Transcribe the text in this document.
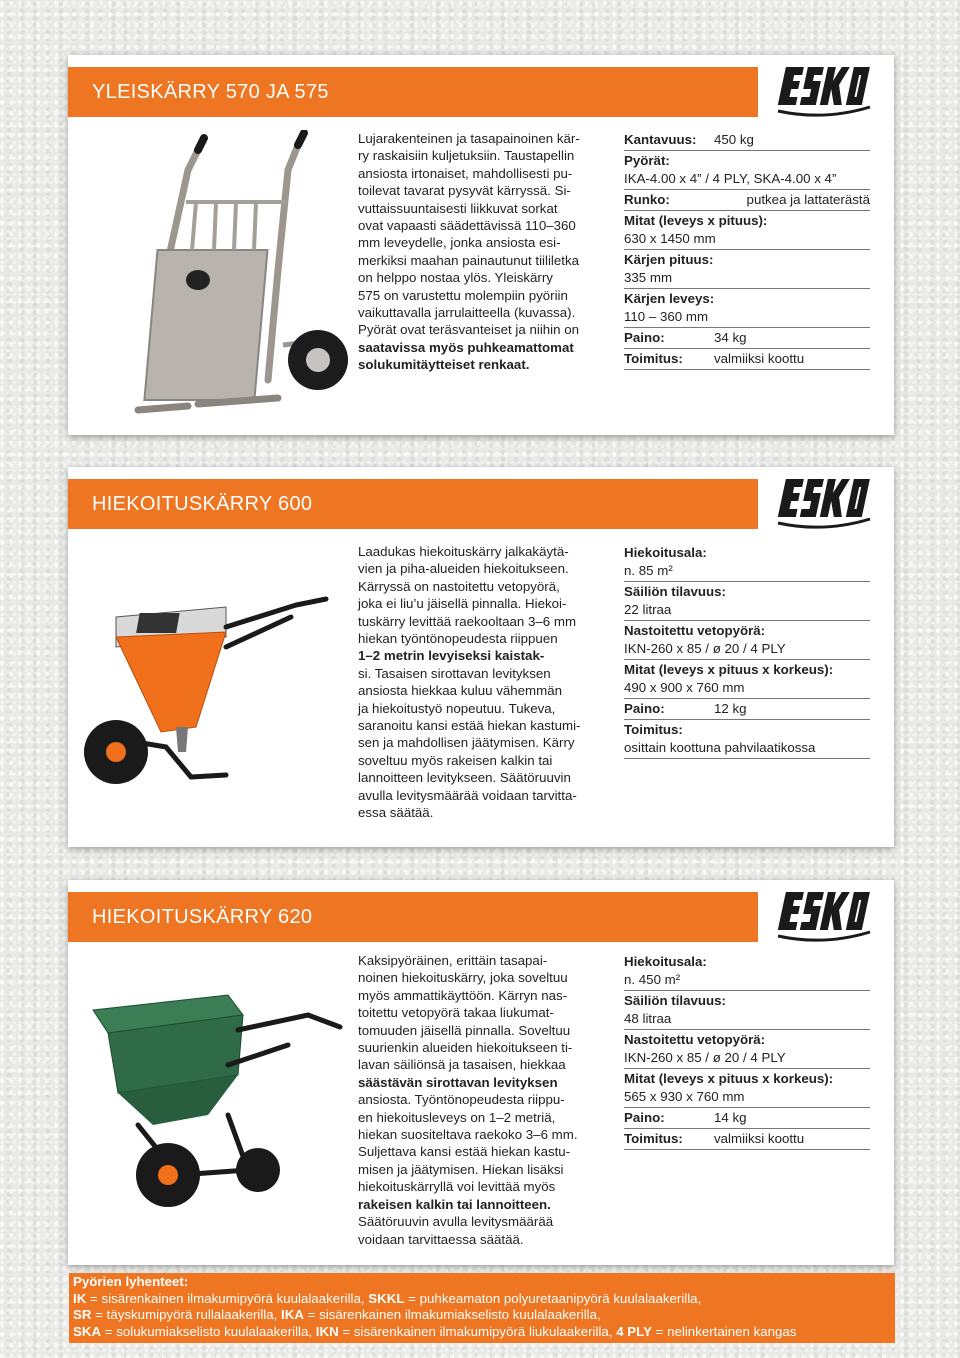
YLEISKÄRRY 570 JA 575
Lujarakenteinen ja tasapainoinen kär-
ry raskaisiin kuljetuksiin. Taustapellin
ansiosta irtonaiset, mahdollisesti pu-
toilevat tavarat pysyvät kärryssä. Si-
vuttaissuuntaisesti liikkuvat sorkat
ovat vapaasti säädettävissä 110–360
mm leveydelle, jonka ansiosta esi-
merkiksi maahan painautunut tiililetka
on helppo nostaa ylös. Yleiskärry
575 on varustettu molempiin pyöriin
vaikuttavalla jarrulaitteella (kuvassa).
Pyörät ovat teräsvanteiset ja niihin on
saatavissa myös puhkeamattomat
solukumitäytteiset renkaat.
Kantavuus: 450 kg
Pyörät:
IKA-4.00 x 4” / 4 PLY, SKA-4.00 x 4”
Runko:	putkea ja lattaterästä
Mitat (leveys x pituus):
630 x 1450 mm
Kärjen pituus:
335 mm
Kärjen leveys:
110 – 360 mm
Paino:	34 kg
Toimitus: valmiiksi koottu
HIEKOITUSKÄRRY 600
Laadukas hiekoituskärry jalkakäytä-
vien ja piha-alueiden hiekoitukseen.
Kärryssä on nastoitettu vetopyörä,
joka ei liu’u jäisellä pinnalla. Hiekoi-
tuskärry levittää raekooltaan 3–6 mm
hiekan työntönopeudesta riippuen
1–2 metrin levyiseksi kaistak-
si. Tasaisen sirottavan levityksen
ansiosta hiekkaa kuluu vähemmän
ja hiekoitustyö nopeutuu. Tukeva,
saranoitu kansi estää hiekan kastumi-
sen ja mahdollisen jäätymisen. Kärry
soveltuu myös rakeisen kalkin tai
lannoitteen levitykseen. Säätöruuvin
avulla levitysmäärää voidaan tarvitta-
essa säätää.
Hiekoitusala:
n. 85 m²
Säiliön tilavuus:
22 litraa
Nastoitettu vetopyörä:
IKN-260 x 85 / ø 20 / 4 PLY
Mitat (leveys x pituus x korkeus):
490 x 900 x 760 mm
Paino:	12 kg
Toimitus:
osittain koottuna pahvilaatikossa
HIEKOITUSKÄRRY 620
Kaksipyöräinen, erittäin tasapai-
noinen hiekoituskärry, joka soveltuu
myös ammattikäyttöön. Kärryn nas-
toitettu vetopyörä takaa liukumat-
tomuuden jäisellä pinnalla. Soveltuu
suurienkin alueiden hiekoitukseen ti-
lavan säiliönsä ja tasaisen, hiekkaa
säästävän sirottavan levityksen
ansiosta. Työntönopeudesta riippu-
en hiekoitusleveys on 1–2 metriä,
hiekan suositeltava raekoko 3–6 mm.
Suljettava kansi estää hiekan kastu-
misen ja jäätymisen. Hiekan lisäksi
hiekoituskärryllä voi levittää myös
rakeisen kalkin tai lannoitteen.
Säätöruuvin avulla levitysmäärää
voidaan tarvittaessa säätää.
Hiekoitusala:
n. 450 m²
Säiliön tilavuus:
48 litraa
Nastoitettu vetopyörä:
IKN-260 x 85 / ø 20 / 4 PLY
Mitat (leveys x pituus x korkeus):
565 x 930 x 760 mm
Paino:	14 kg
Toimitus: valmiiksi koottu
Pyörien lyhenteet:
IK = sisärenkainen ilmakumipyörä kuulalaakerilla, SKKL = puhkeamaton polyuretaanipyörä kuulalaakerilla,
SR = täyskumipyörä rullalaakerilla, IKA = sisärenkainen ilmakumiakselisto kuulalaakerilla,
SKA = solukumiakselisto kuulalaakerilla, IKN = sisärenkainen ilmakumipyörä liukulaakerilla, 4 PLY = nelinkertainen kangas
